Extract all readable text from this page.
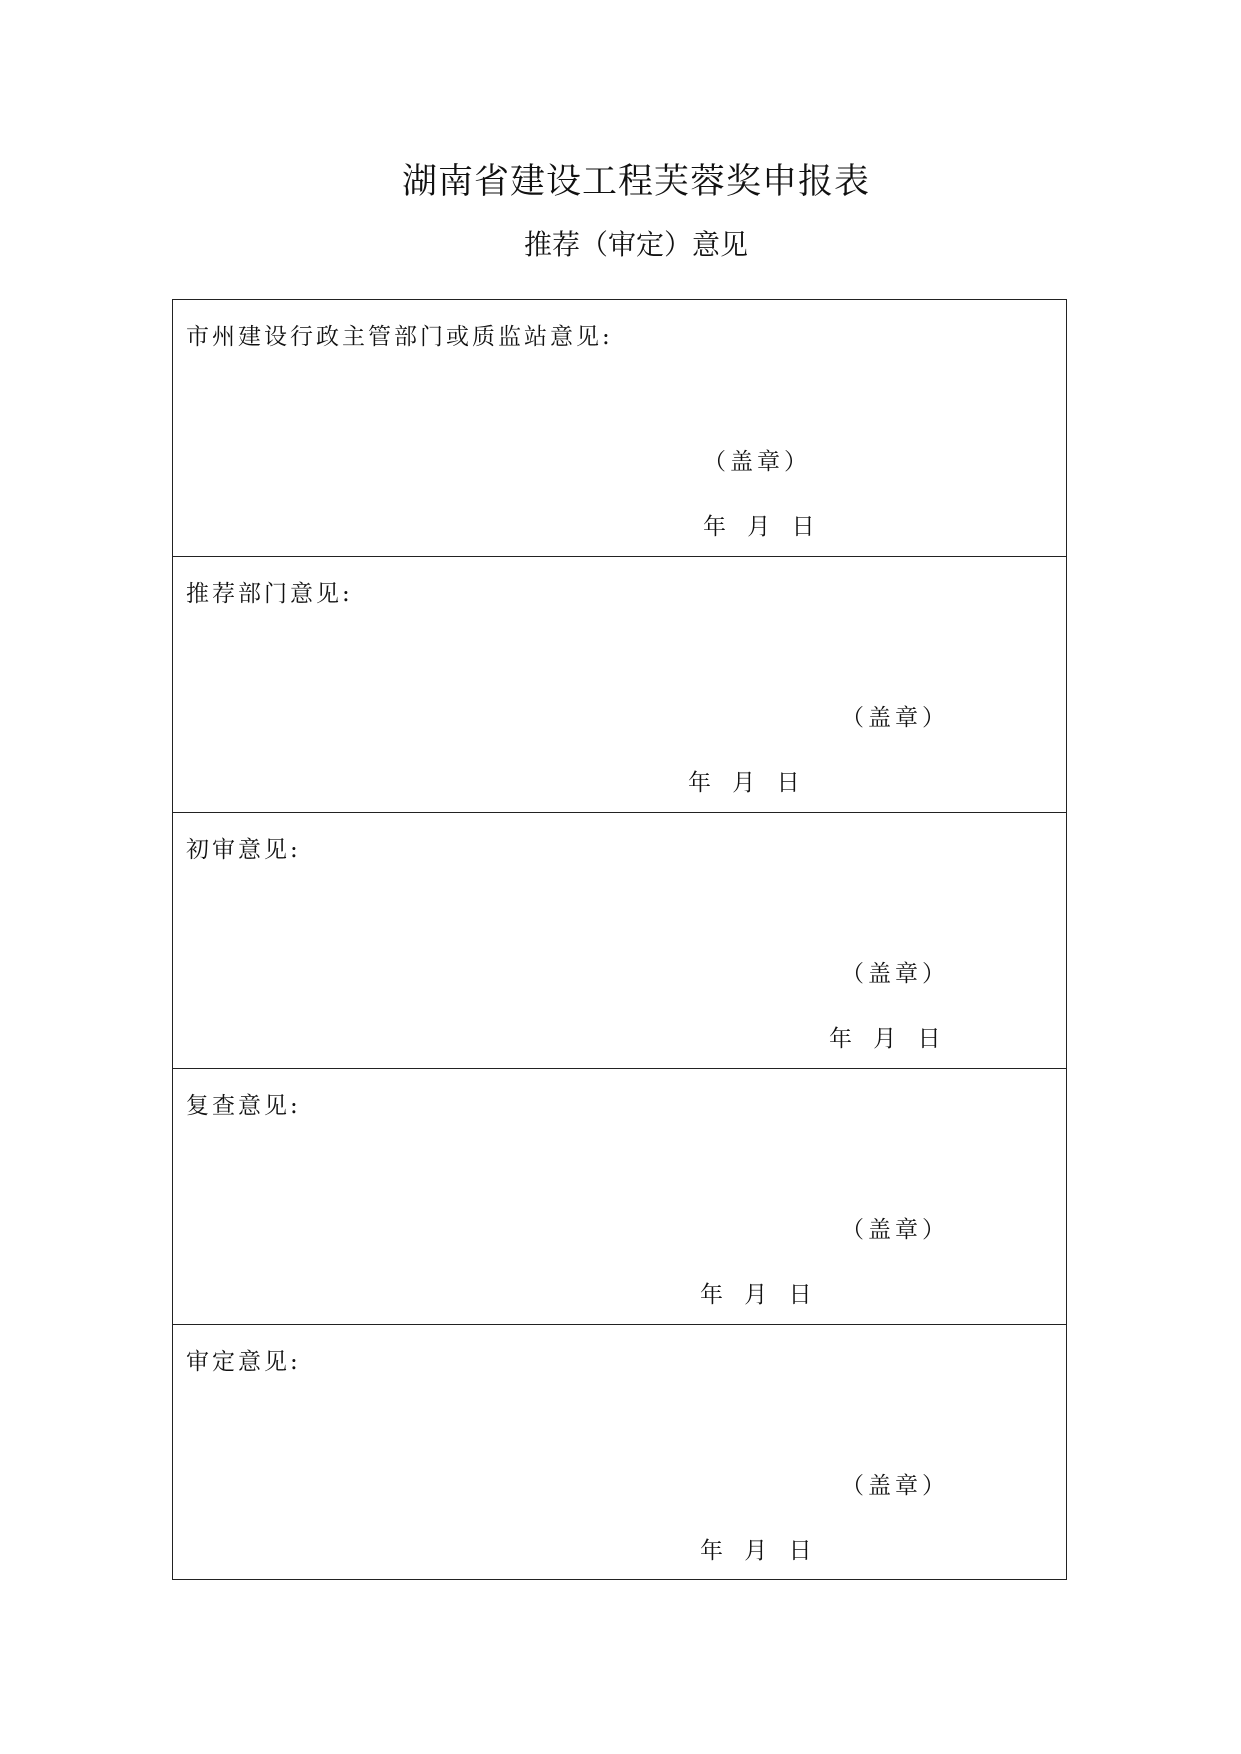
湖南省建设工程芙蓉奖申报表
推荐（审定）意见
市州建设行政主管部门或质监站意见:
（盖章）
年 月 日
推荐部门意见:
（盖章）
年 月 日
初审意见:
（盖章）
年 月 日
复查意见:
（盖章）
年 月 日
审定意见:
（盖章）
年 月 日
